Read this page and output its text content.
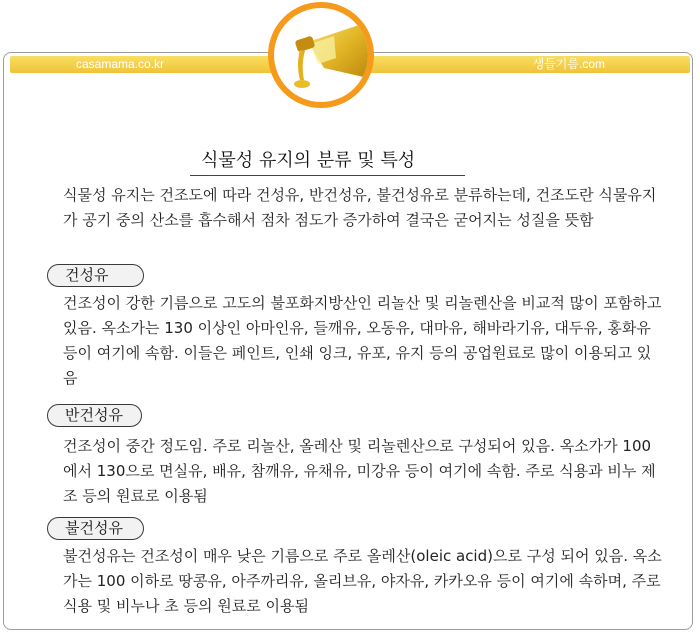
casamama.co.kr	생들기름.com
식물성 유지의 분류 및 특성
식물성 유지는 건조도에 따라 건성유, 반건성유, 불건성유로 분류하는데, 건조도란 식물유지가 공기 중의 산소를 흡수해서 점차 점도가 증가하여 결국은 굳어지는 성질을 뜻함
건성유
건조성이 강한 기름으로 고도의 불포화지방산인 리놀산 및 리놀렌산을 비교적 많이 포함하고 있음. 옥소가는 130 이상인 아마인유, 들깨유, 오동유, 대마유, 해바라기유, 대두유, 홍화유등이 여기에 속함. 이들은 페인트, 인쇄 잉크, 유포, 유지 등의 공업원료로 많이 이용되고 있음
반건성유
건조성이 중간 정도임. 주로 리놀산, 올레산 및 리놀렌산으로 구성되어 있음. 옥소가가 100에서 130으로 면실유, 배유, 참깨유, 유채유, 미강유 등이 여기에 속함. 주로 식용과 비누 제조 등의 원료로 이용됨
불건성유
불건성유는 건조성이 매우 낮은 기름으로 주로 올레산(oleic acid)으로 구성 되어 있음. 옥소가는 100 이하로 땅콩유, 아주까리유, 올리브유, 야자유, 카카오유 등이 여기에 속하며, 주로 식용 및 비누나 초 등의 원료로 이용됨
